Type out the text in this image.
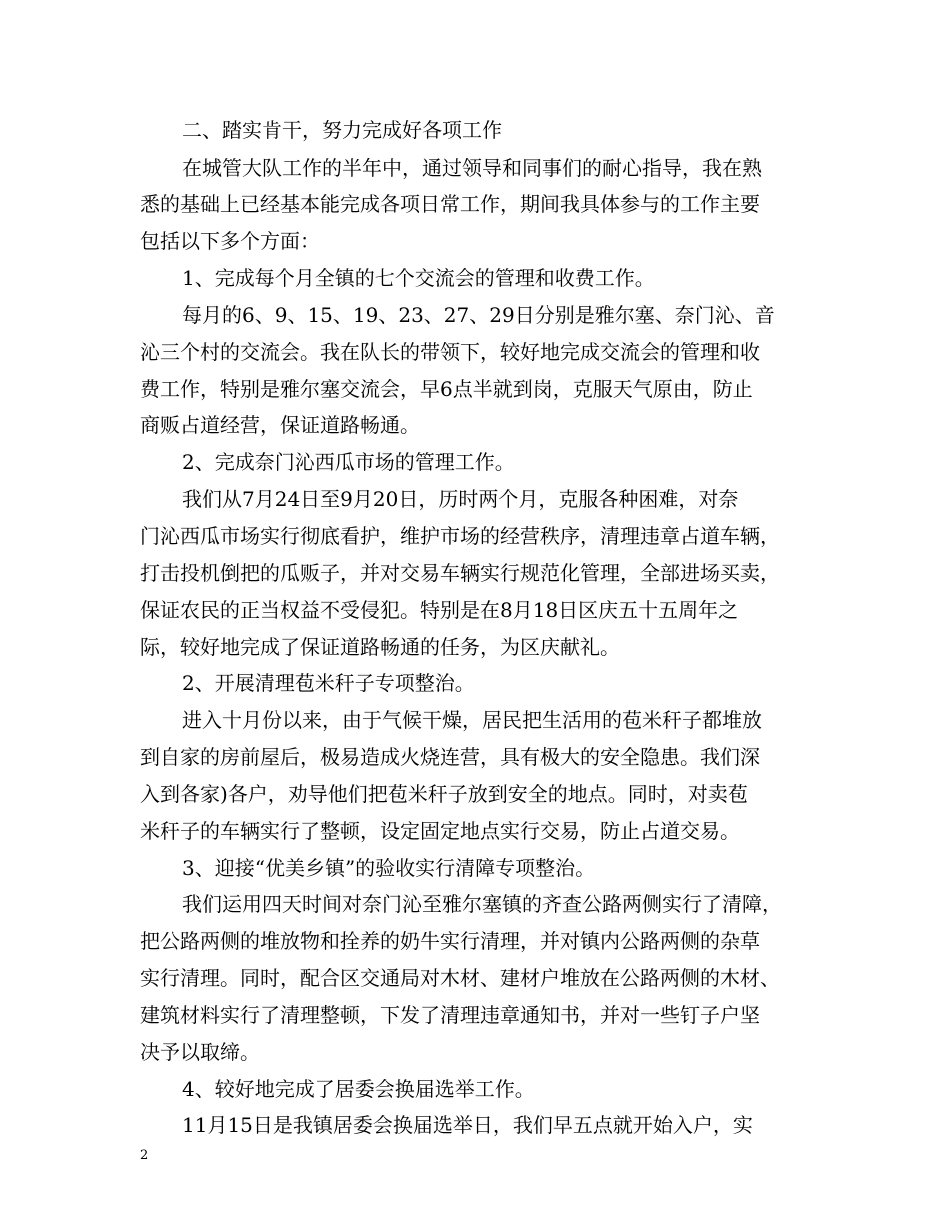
二、踏实肯干，努力完成好各项工作
在城管大队工作的半年中，通过领导和同事们的耐心指导，我在熟
悉的基础上已经基本能完成各项日常工作，期间我具体参与的工作主要
包括以下多个方面：
1、完成每个月全镇的七个交流会的管理和收费工作。
每月的6、9、15、19、23、27、29日分别是雅尔塞、奈门沁、音
沁三个村的交流会。我在队长的带领下，较好地完成交流会的管理和收
费工作，特别是雅尔塞交流会，早6点半就到岗，克服天气原由，防止
商贩占道经营，保证道路畅通。
2、完成奈门沁西瓜市场的管理工作。
我们从7月24日至9月20日，历时两个月，克服各种困难，对奈
门沁西瓜市场实行彻底看护，维护市场的经营秩序，清理违章占道车辆，
打击投机倒把的瓜贩子，并对交易车辆实行规范化管理，全部进场买卖，
保证农民的正当权益不受侵犯。特别是在8月18日区庆五十五周年之
际，较好地完成了保证道路畅通的任务，为区庆献礼。
2、开展清理苞米秆子专项整治。
进入十月份以来，由于气候干燥，居民把生活用的苞米秆子都堆放
到自家的房前屋后，极易造成火烧连营，具有极大的安全隐患。我们深
入到各家)各户，劝导他们把苞米秆子放到安全的地点。同时，对卖苞
米秆子的车辆实行了整顿，设定固定地点实行交易，防止占道交易。
3、迎接“优美乡镇”的验收实行清障专项整治。
我们运用四天时间对奈门沁至雅尔塞镇的齐查公路两侧实行了清障，
把公路两侧的堆放物和拴养的奶牛实行清理，并对镇内公路两侧的杂草
实行清理。同时，配合区交通局对木材、建材户堆放在公路两侧的木材、
建筑材料实行了清理整顿，下发了清理违章通知书，并对一些钉子户坚
决予以取缔。
4、较好地完成了居委会换届选举工作。
11月15日是我镇居委会换届选举日，我们早五点就开始入户，实
2
